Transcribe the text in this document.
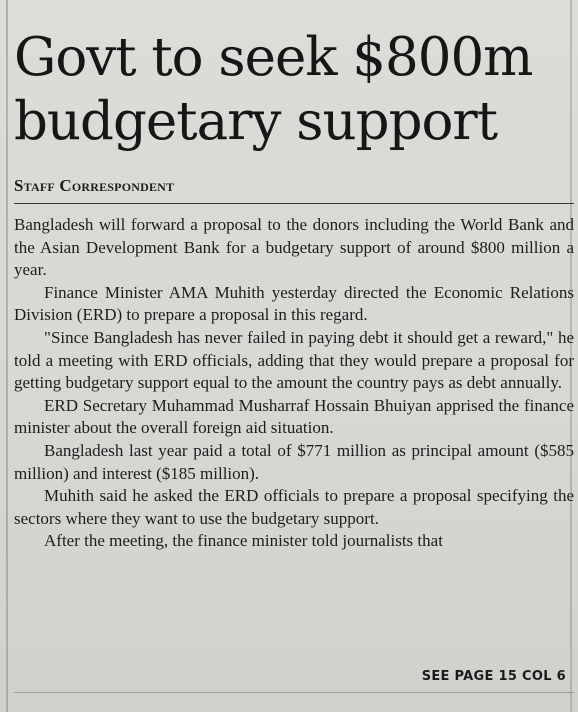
Govt to seek $800m
budgetary support
Staff Correspondent

Bangladesh will forward a proposal to the donors including the World Bank and the Asian Development Bank for a budgetary support of around $800 million a year.

Finance Minister AMA Muhith yesterday directed the Economic Relations Division (ERD) to prepare a proposal in this regard.

"Since Bangladesh has never failed in paying debt it should get a reward," he told a meeting with ERD officials, adding that they would prepare a proposal for getting budgetary support equal to the amount the country pays as debt annually.

ERD Secretary Muhammad Musharraf Hossain Bhuiyan apprised the finance minister about the overall foreign aid situation.

Bangladesh last year paid a total of $771 million as principal amount ($585 million) and interest ($185 million).

Muhith said he asked the ERD officials to prepare a proposal specifying the sectors where they want to use the budgetary support.

After the meeting, the finance minister told journalists that

SEE PAGE 15 COL 6
